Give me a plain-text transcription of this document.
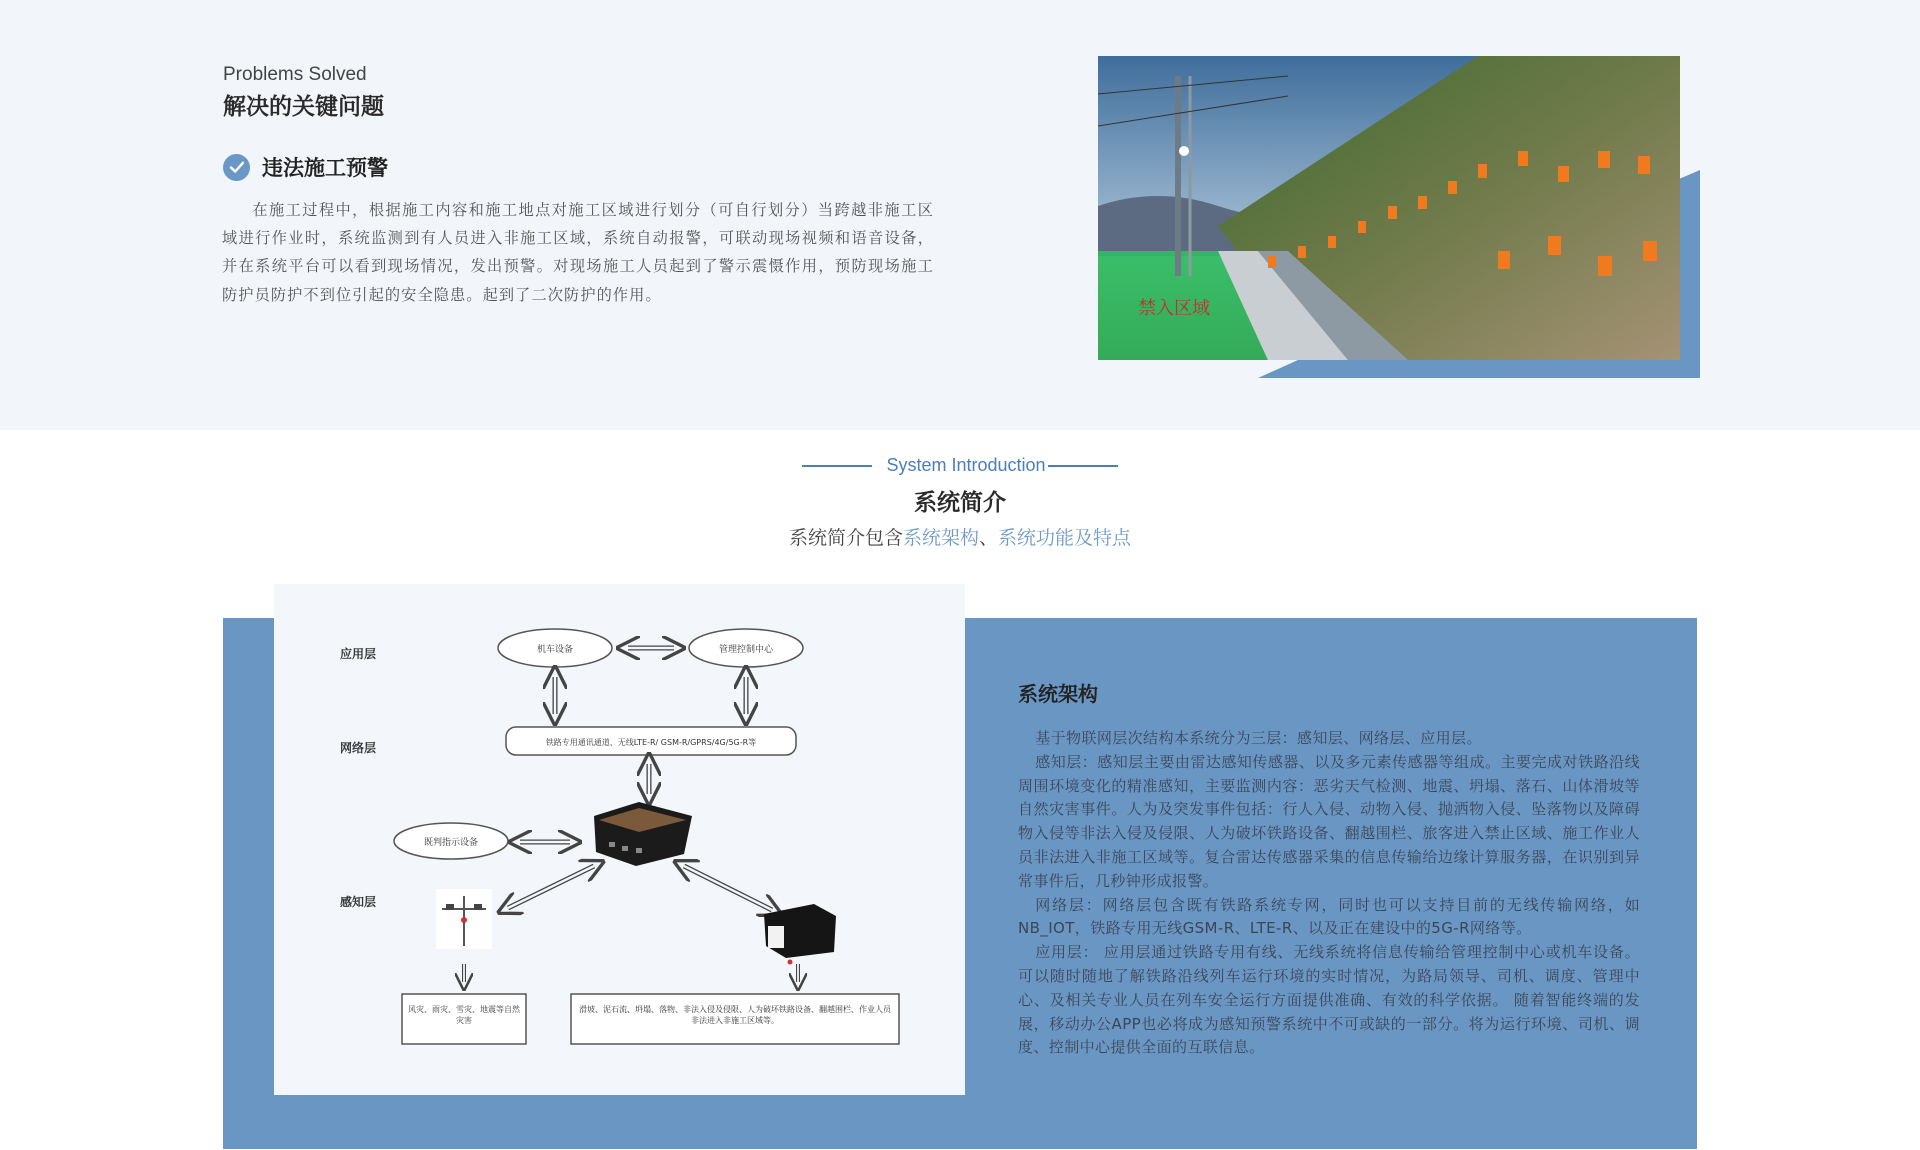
Problems Solved
解决的关键问题
违法施工预警

在施工过程中，根据施工内容和施工地点对施工区域进行划分（可自行划分）当跨越非施工区域进行作业时，系统监测到有人员进入非施工区域，系统自动报警，可联动现场视频和语音设备，并在系统平台可以看到现场情况，发出预警。对现场施工人员起到了警示震慑作用，预防现场施工防护员防护不到位引起的安全隐患。起到了二次防护的作用。

禁入区域
System Introduction
系统简介
系统简介包含系统架构、系统功能及特点
应用层
网络层
感知层
机车设备	管理控制中心
铁路专用通讯通道、无线LTE-R/ GSM-R/GPRS/4G/5G-R等
既判指示设备
风灾、雨灾、雪灾、地震等自然灾害
滑坡、泥石流、坍塌、落物、非法入侵及侵限、人为破坏铁路设备、翻越围栏、作业人员非法进入非施工区域等。
系统架构

基于物联网层次结构本系统分为三层：感知层、网络层、应用层。

感知层：感知层主要由雷达感知传感器、以及多元素传感器等组成。主要完成对铁路沿线周围环境变化的精准感知，主要监测内容：恶劣天气检测、地震、坍塌、落石、山体滑坡等自然灾害事件。人为及突发事件包括：行人入侵、动物入侵、抛洒物入侵、坠落物以及障碍物入侵等非法入侵及侵限、人为破坏铁路设备、翻越围栏、旅客进入禁止区域、施工作业人员非法进入非施工区域等。复合雷达传感器采集的信息传输给边缘计算服务器，在识别到异常事件后，几秒钟形成报警。

网络层：网络层包含既有铁路系统专网，同时也可以支持目前的无线传输网络，如NB_IOT，铁路专用无线GSM-R、LTE-R、以及正在建设中的5G-R网络等。

应用层： 应用层通过铁路专用有线、无线系统将信息传输给管理控制中心或机车设备。可以随时随地了解铁路沿线列车运行环境的实时情况，为路局领导、司机、调度、管理中心、及相关专业人员在列车安全运行方面提供准确、有效的科学依据。 随着智能终端的发展，移动办公APP也必将成为感知预警系统中不可或缺的一部分。将为运行环境、司机、调度、控制中心提供全面的互联信息。
